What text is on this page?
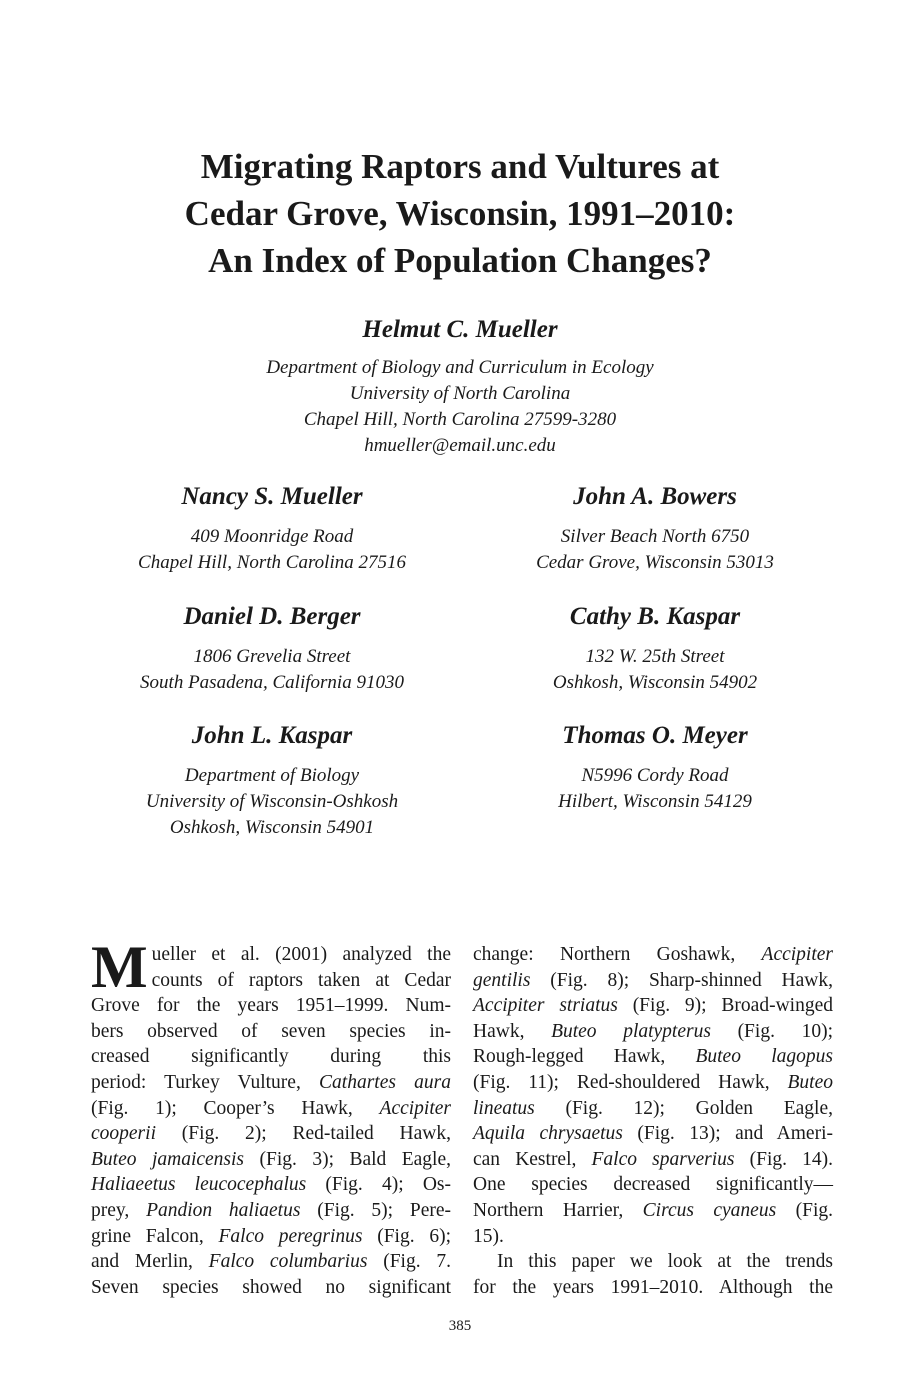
Migrating Raptors and Vultures at
Cedar Grove, Wisconsin, 1991–2010:
An Index of Population Changes?
Helmut C. Mueller
Department of Biology and Curriculum in Ecology
University of North Carolina
Chapel Hill, North Carolina 27599-3280
hmueller@email.unc.edu
Nancy S. Mueller
409 Moonridge Road
Chapel Hill, North Carolina 27516
John A. Bowers
Silver Beach North 6750
Cedar Grove, Wisconsin 53013
Daniel D. Berger
1806 Grevelia Street
South Pasadena, California 91030
Cathy B. Kaspar
132 W. 25th Street
Oshkosh, Wisconsin 54902
John L. Kaspar
Department of Biology
University of Wisconsin-Oshkosh
Oshkosh, Wisconsin 54901
Thomas O. Meyer
N5996 Cordy Road
Hilbert, Wisconsin 54129
M ueller et al. (2001) analyzed the
counts of raptors taken at Cedar
Grove for the years 1951–1999. Num-
bers observed of seven species in-
creased significantly during this
period: Turkey Vulture, Cathartes aura
(Fig. 1); Cooper’s Hawk, Accipiter
cooperii (Fig. 2); Red-tailed Hawk,
Buteo jamaicensis (Fig. 3); Bald Eagle,
Haliaeetus leucocephalus (Fig. 4); Os-
prey, Pandion haliaetus (Fig. 5); Pere-
grine Falcon, Falco peregrinus (Fig. 6);
and Merlin, Falco columbarius (Fig. 7.
Seven species showed no significant
change: Northern Goshawk, Accipiter
gentilis (Fig. 8); Sharp-shinned Hawk,
Accipiter striatus (Fig. 9); Broad-winged
Hawk, Buteo platypterus (Fig. 10);
Rough-legged Hawk, Buteo lagopus
(Fig. 11); Red-shouldered Hawk, Buteo
lineatus (Fig. 12); Golden Eagle,
Aquila chrysaetus (Fig. 13); and Ameri-
can Kestrel, Falco sparverius (Fig. 14).
One species decreased significantly—
Northern Harrier, Circus cyaneus (Fig.
15).
In this paper we look at the trends
for the years 1991–2010. Although the
385
